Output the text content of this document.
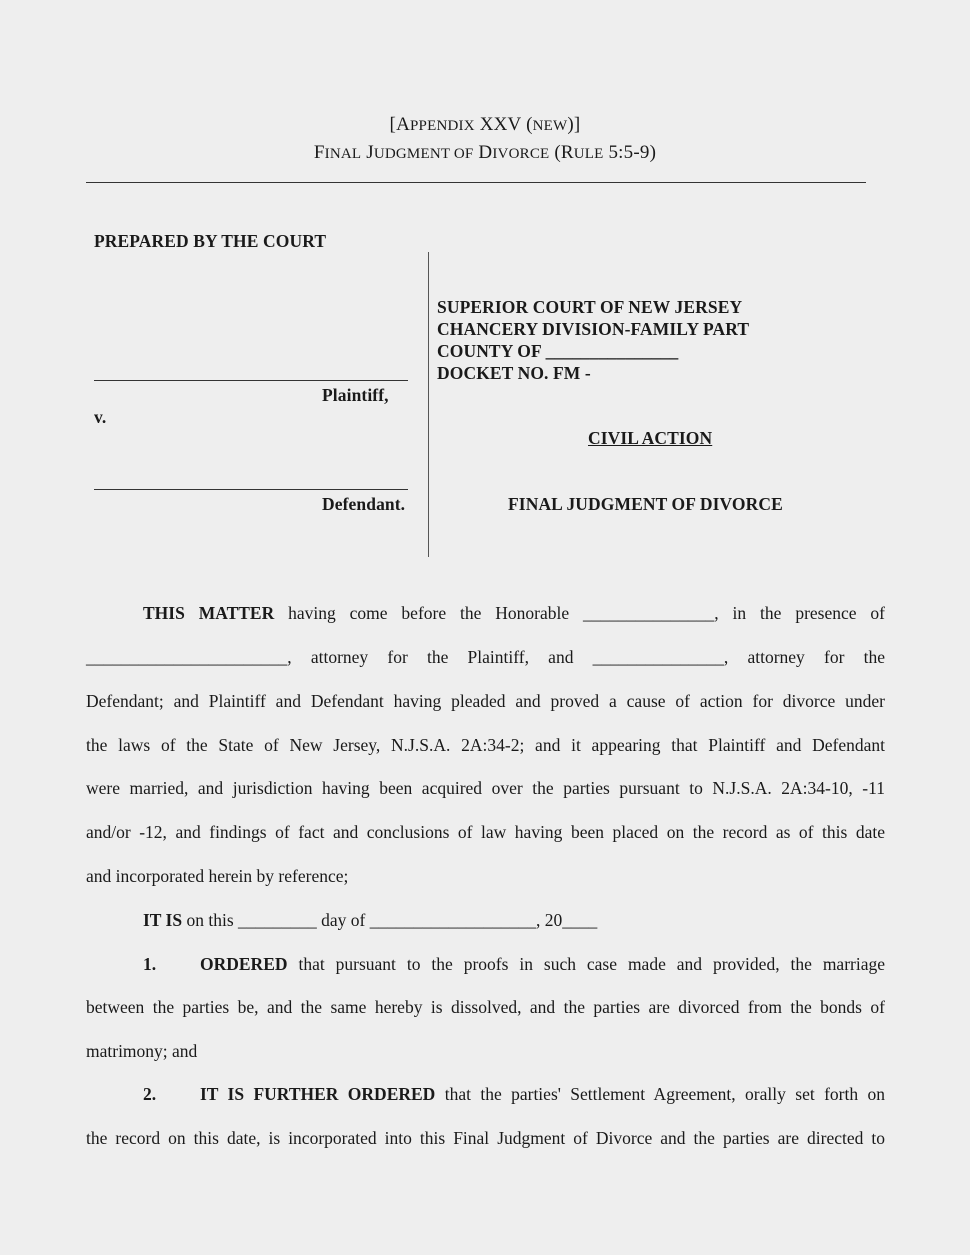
[APPENDIX XXV (NEW)]
FINAL JUDGMENT OF DIVORCE (RULE 5:5-9)
PREPARED BY THE COURT
Plaintiff,
v.
Defendant.
SUPERIOR COURT OF NEW JERSEY
CHANCERY DIVISION-FAMILY PART
COUNTY OF _______________
DOCKET NO. FM -
CIVIL ACTION
FINAL JUDGMENT OF DIVORCE
THIS MATTER having come before the Honorable _______________, in the presence of
_______________________, attorney for the Plaintiff, and _______________, attorney for the
Defendant; and Plaintiff and Defendant having pleaded and proved a cause of action for divorce under
the laws of the State of New Jersey, N.J.S.A. 2A:34-2; and it appearing that Plaintiff and Defendant
were married, and jurisdiction having been acquired over the parties pursuant to N.J.S.A. 2A:34-10, -11
and/or -12, and findings of fact and conclusions of law having been placed on the record as of this date
and incorporated herein by reference;
IT IS on this _________ day of ___________________, 20____
1.	ORDERED that pursuant to the proofs in such case made and provided, the marriage
between the parties be, and the same hereby is dissolved, and the parties are divorced from the bonds of
matrimony; and
2.	IT IS FURTHER ORDERED that the parties' Settlement Agreement, orally set forth on
the record on this date, is incorporated into this Final Judgment of Divorce and the parties are directed to
